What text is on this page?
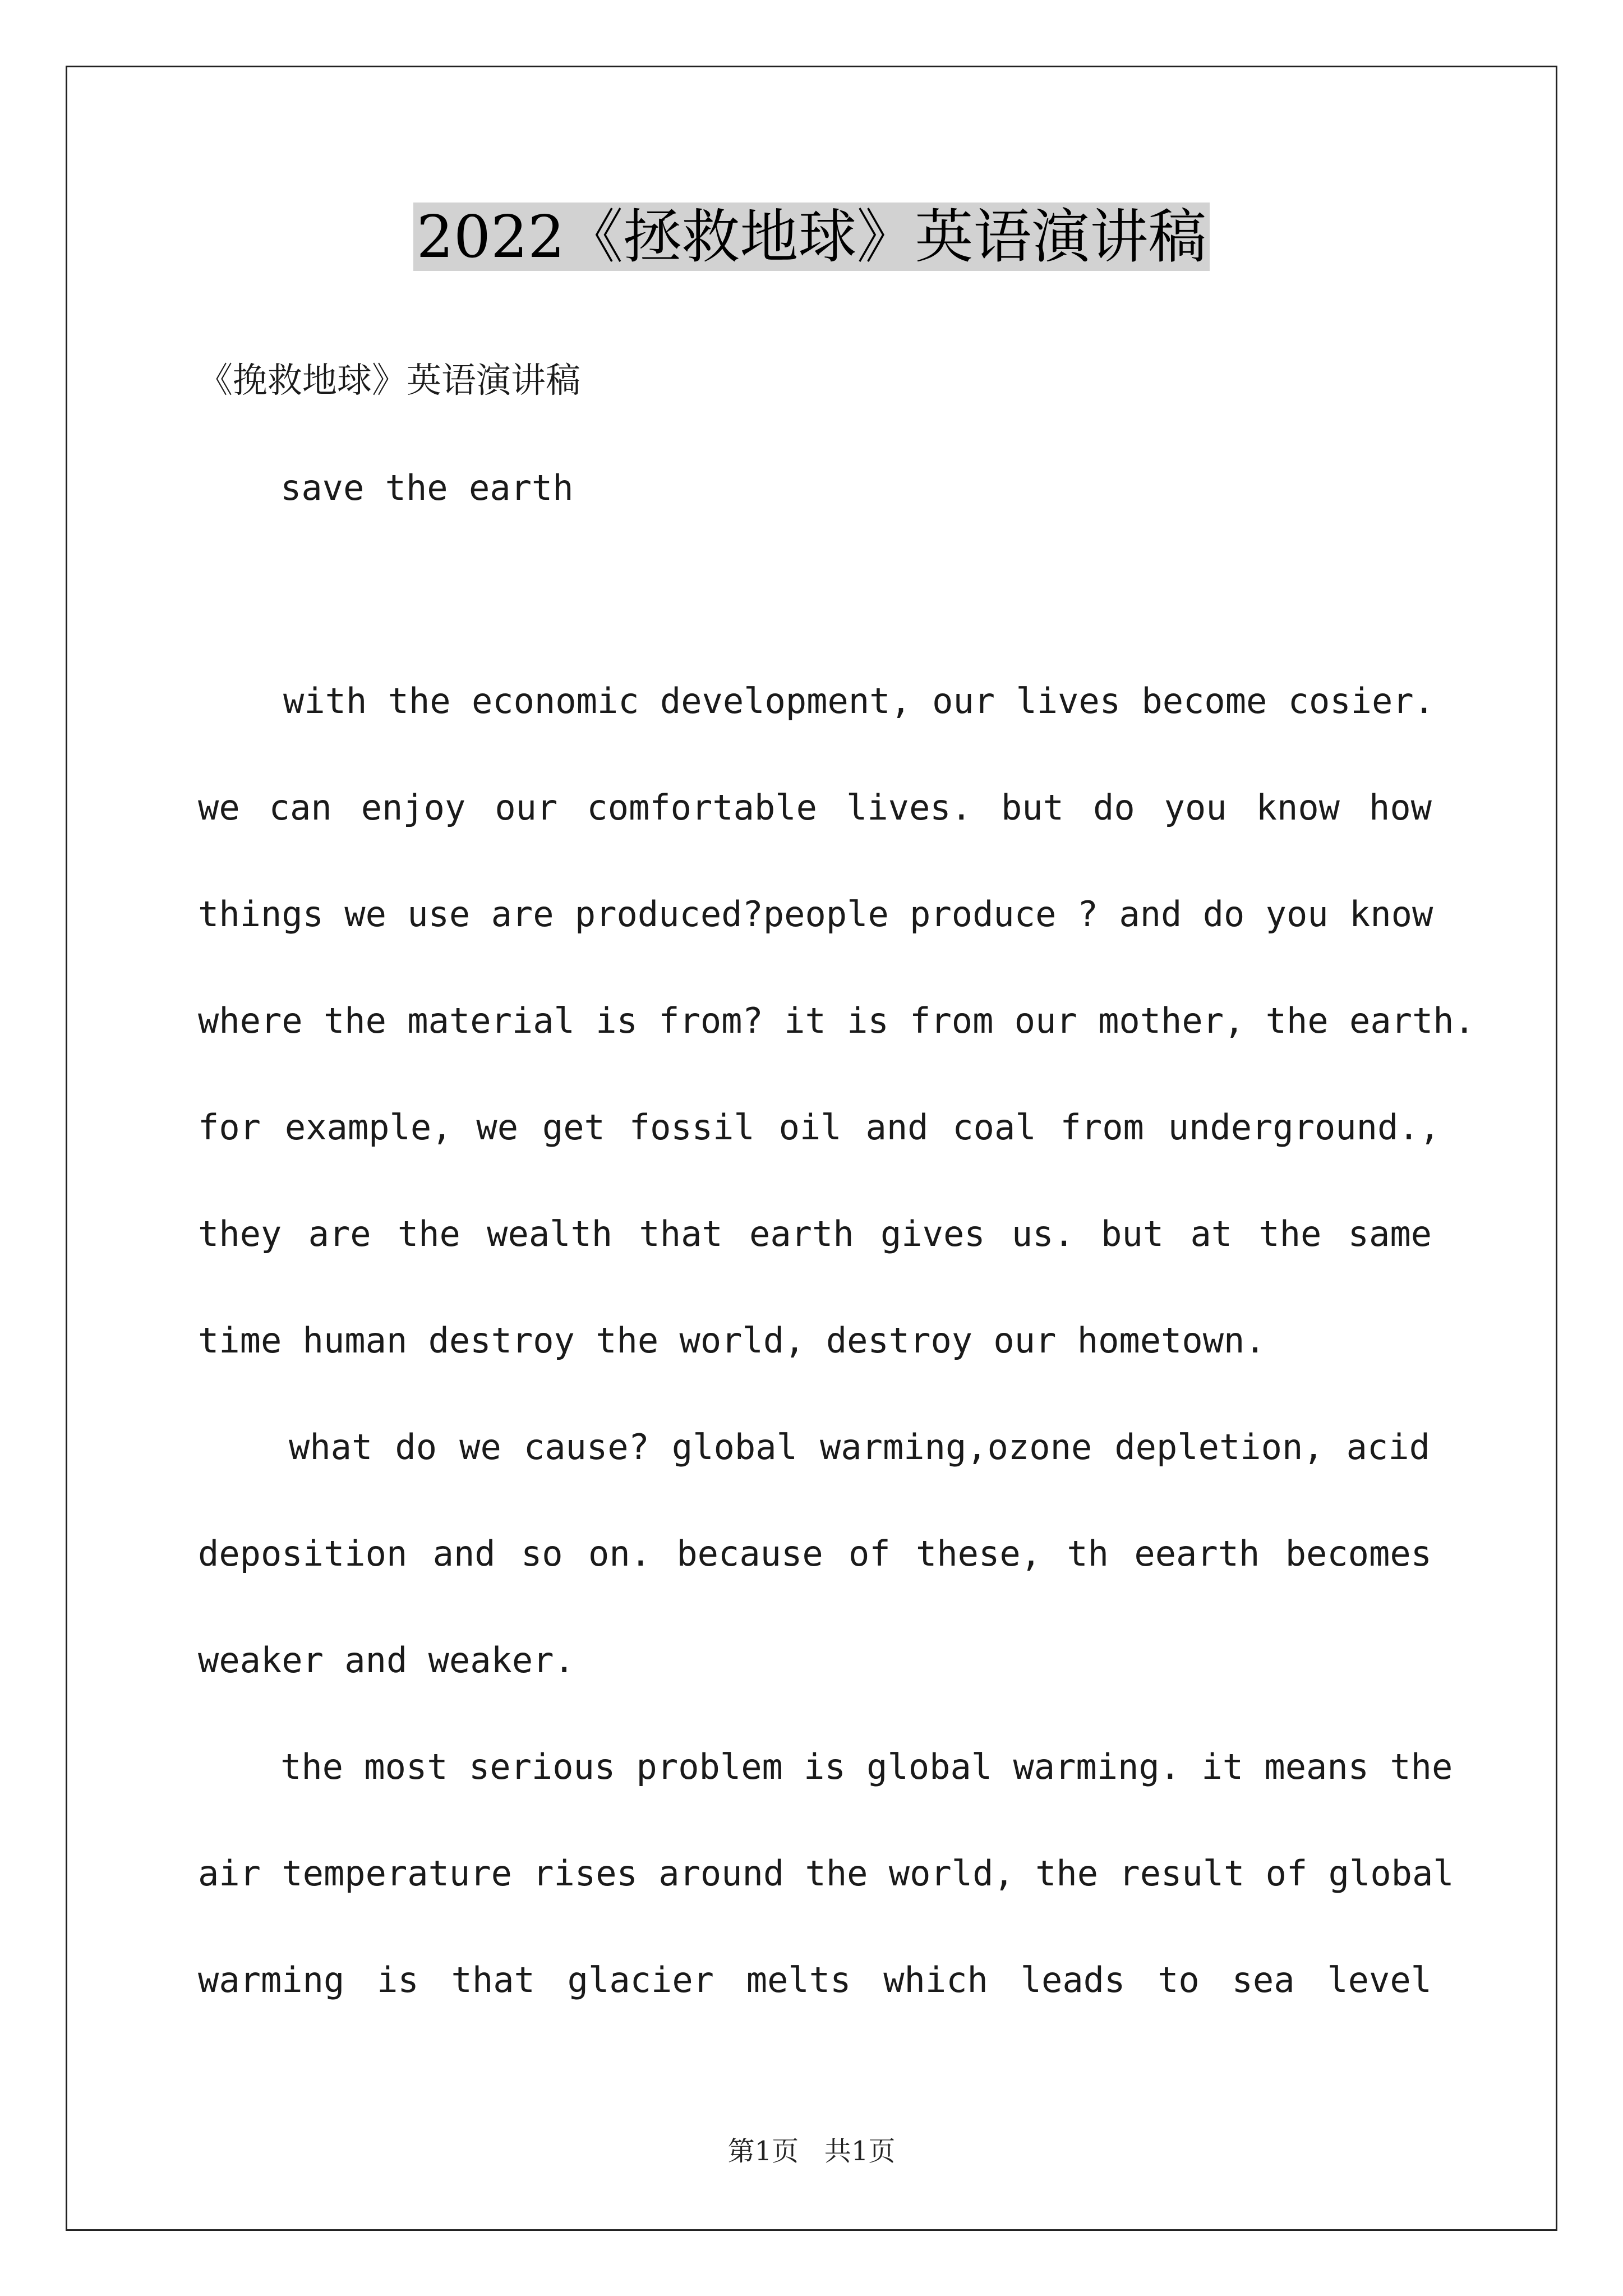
2022《拯救地球》英语演讲稿
《挽救地球》英语演讲稿
save the earth
with the economic development, our lives become cosier.
we can enjoy our comfortable lives. but do you know how
things we use are produced?people produce ? and do you know
where the material is from? it is from our mother, the earth.
for example, we get fossil oil and coal from underground.,
they are the wealth that earth gives us. but at the same
time human destroy the world, destroy our hometown.
what do we cause? global warming,ozone depletion, acid
deposition and so on. because of these, th eearth becomes
weaker and weaker.
the most serious problem is global warming. it means the
air temperature rises around the world, the result of global
warming is that glacier melts which leads to sea level
第1页   共1页
